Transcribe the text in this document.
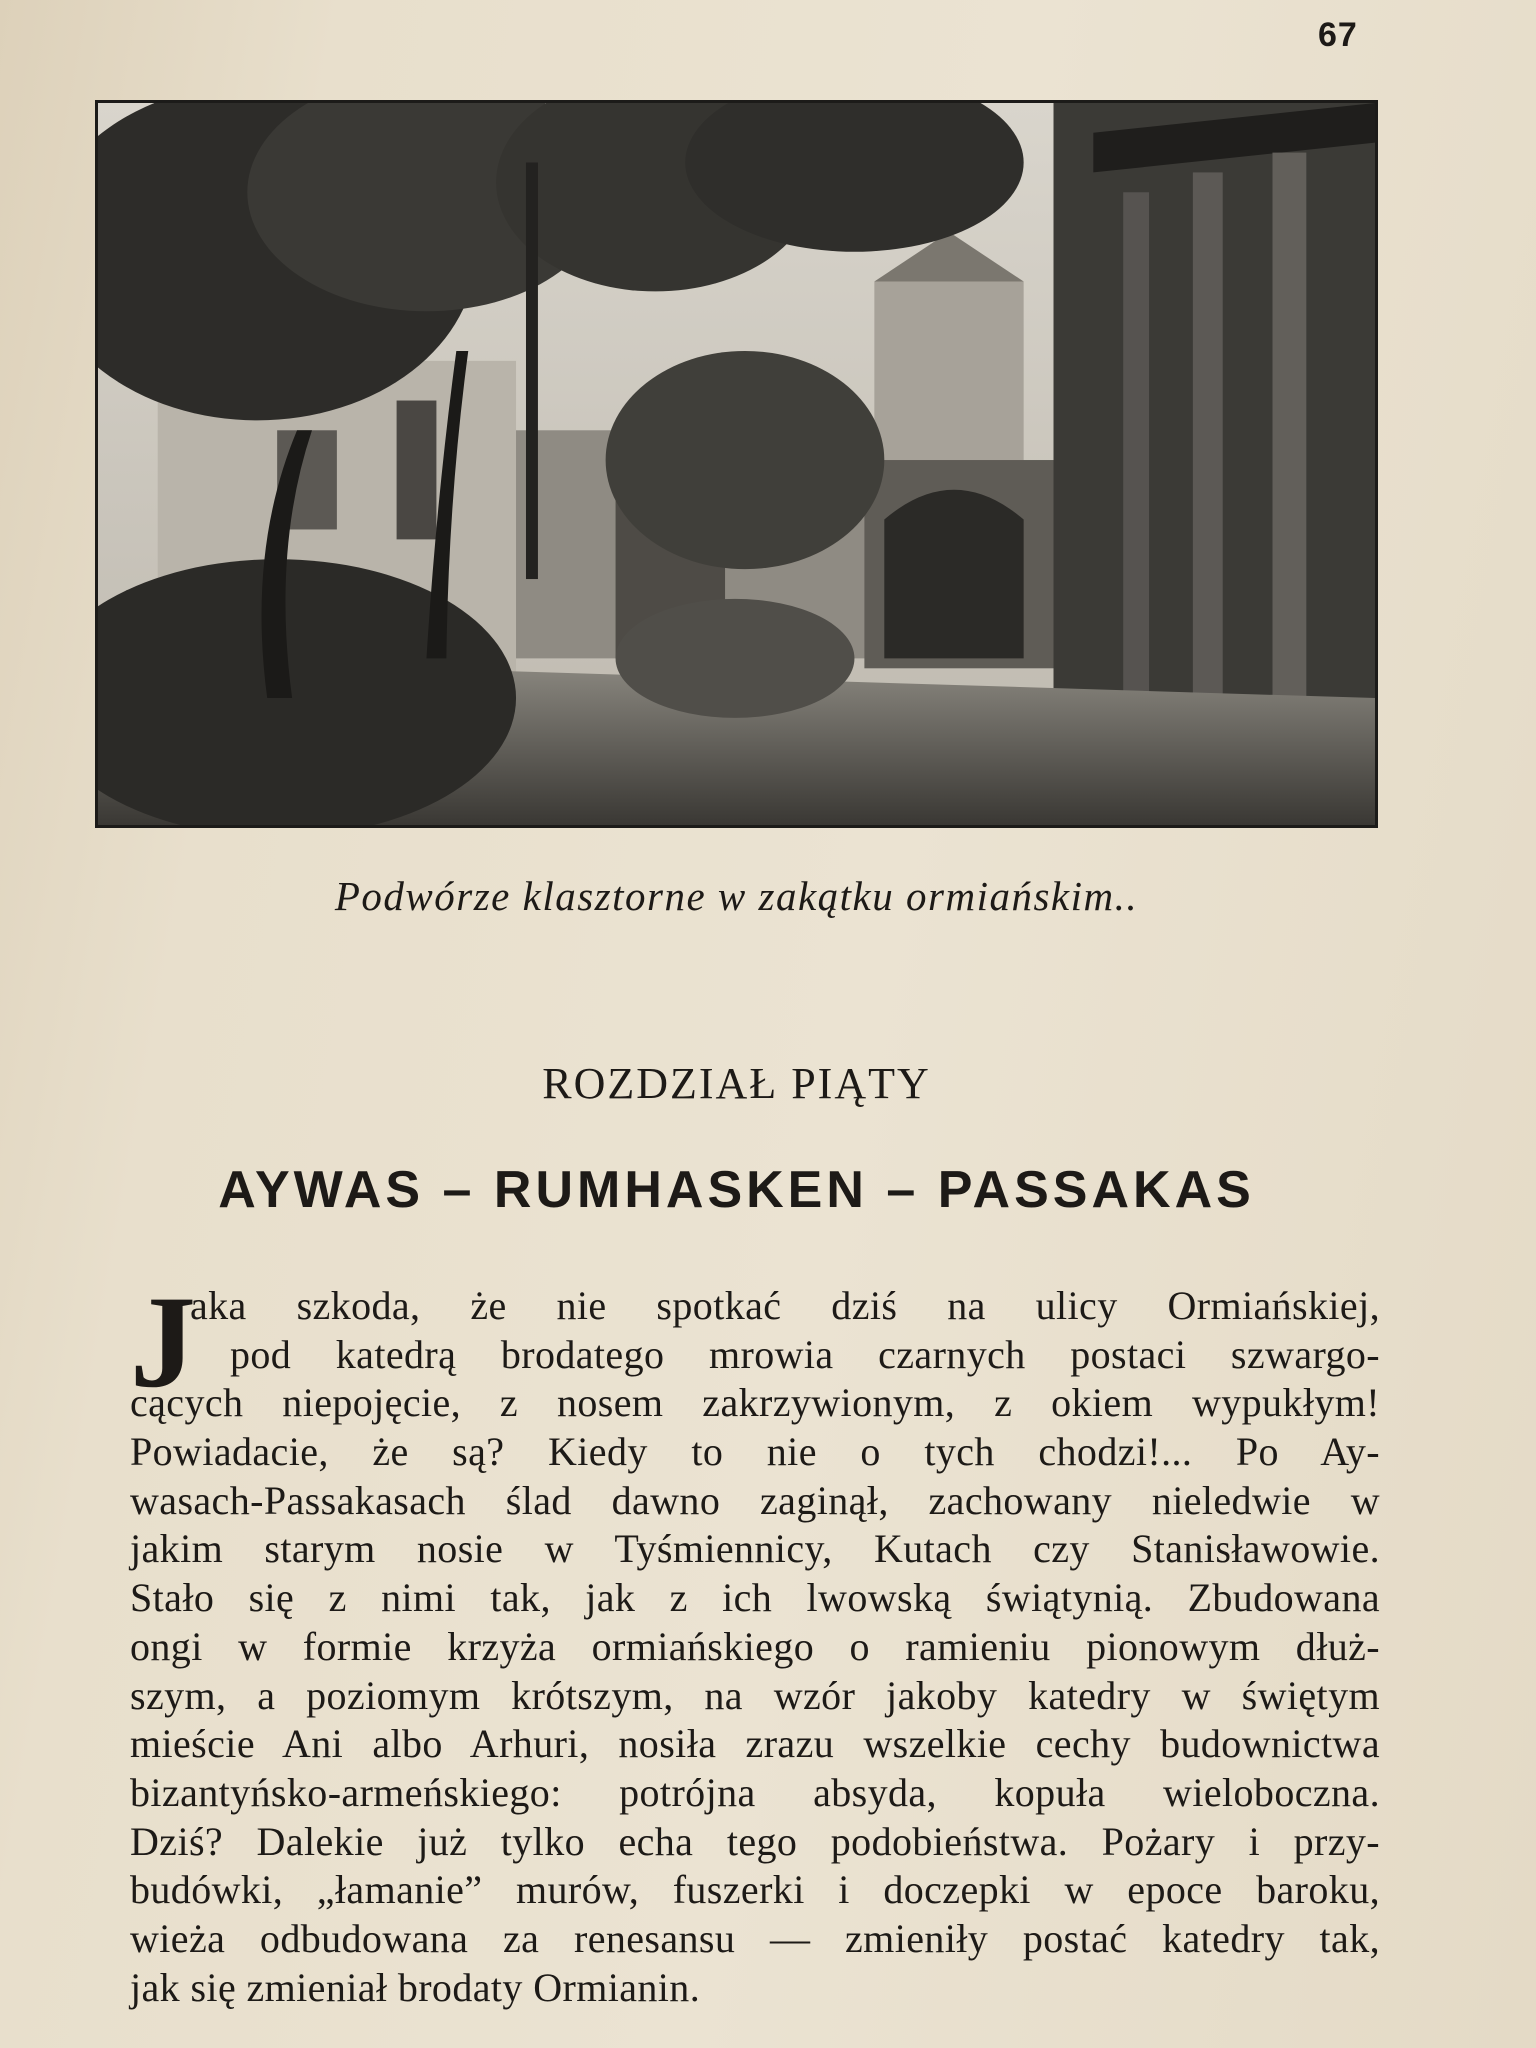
67
Podwórze klasztorne w zakątku ormiańskim..
ROZDZIAŁ PIĄTY
AYWAS – RUMHASKEN – PASSAKAS
J
aka szkoda, że nie spotkać dziś na ulicy Ormiańskiej,
pod katedrą brodatego mrowia czarnych postaci szwargo-
cących niepojęcie, z nosem zakrzywionym, z okiem wypukłym!
Powiadacie, że są? Kiedy to nie o tych chodzi!... Po Ay-
wasach-Passakasach ślad dawno zaginął, zachowany nieledwie w
jakim starym nosie w Tyśmiennicy, Kutach czy Stanisławowie.
Stało się z nimi tak, jak z ich lwowską świątynią. Zbudowana
ongi w formie krzyża ormiańskiego o ramieniu pionowym dłuż-
szym, a poziomym krótszym, na wzór jakoby katedry w świętym
mieście Ani albo Arhuri, nosiła zrazu wszelkie cechy budownictwa
bizantyńsko-armeńskiego: potrójna absyda, kopuła wieloboczna.
Dziś? Dalekie już tylko echa tego podobieństwa. Pożary i przy-
budówki, „łamanie” murów, fuszerki i doczepki w epoce baroku,
wieża odbudowana za renesansu — zmieniły postać katedry tak,
jak się zmieniał brodaty Ormianin.
